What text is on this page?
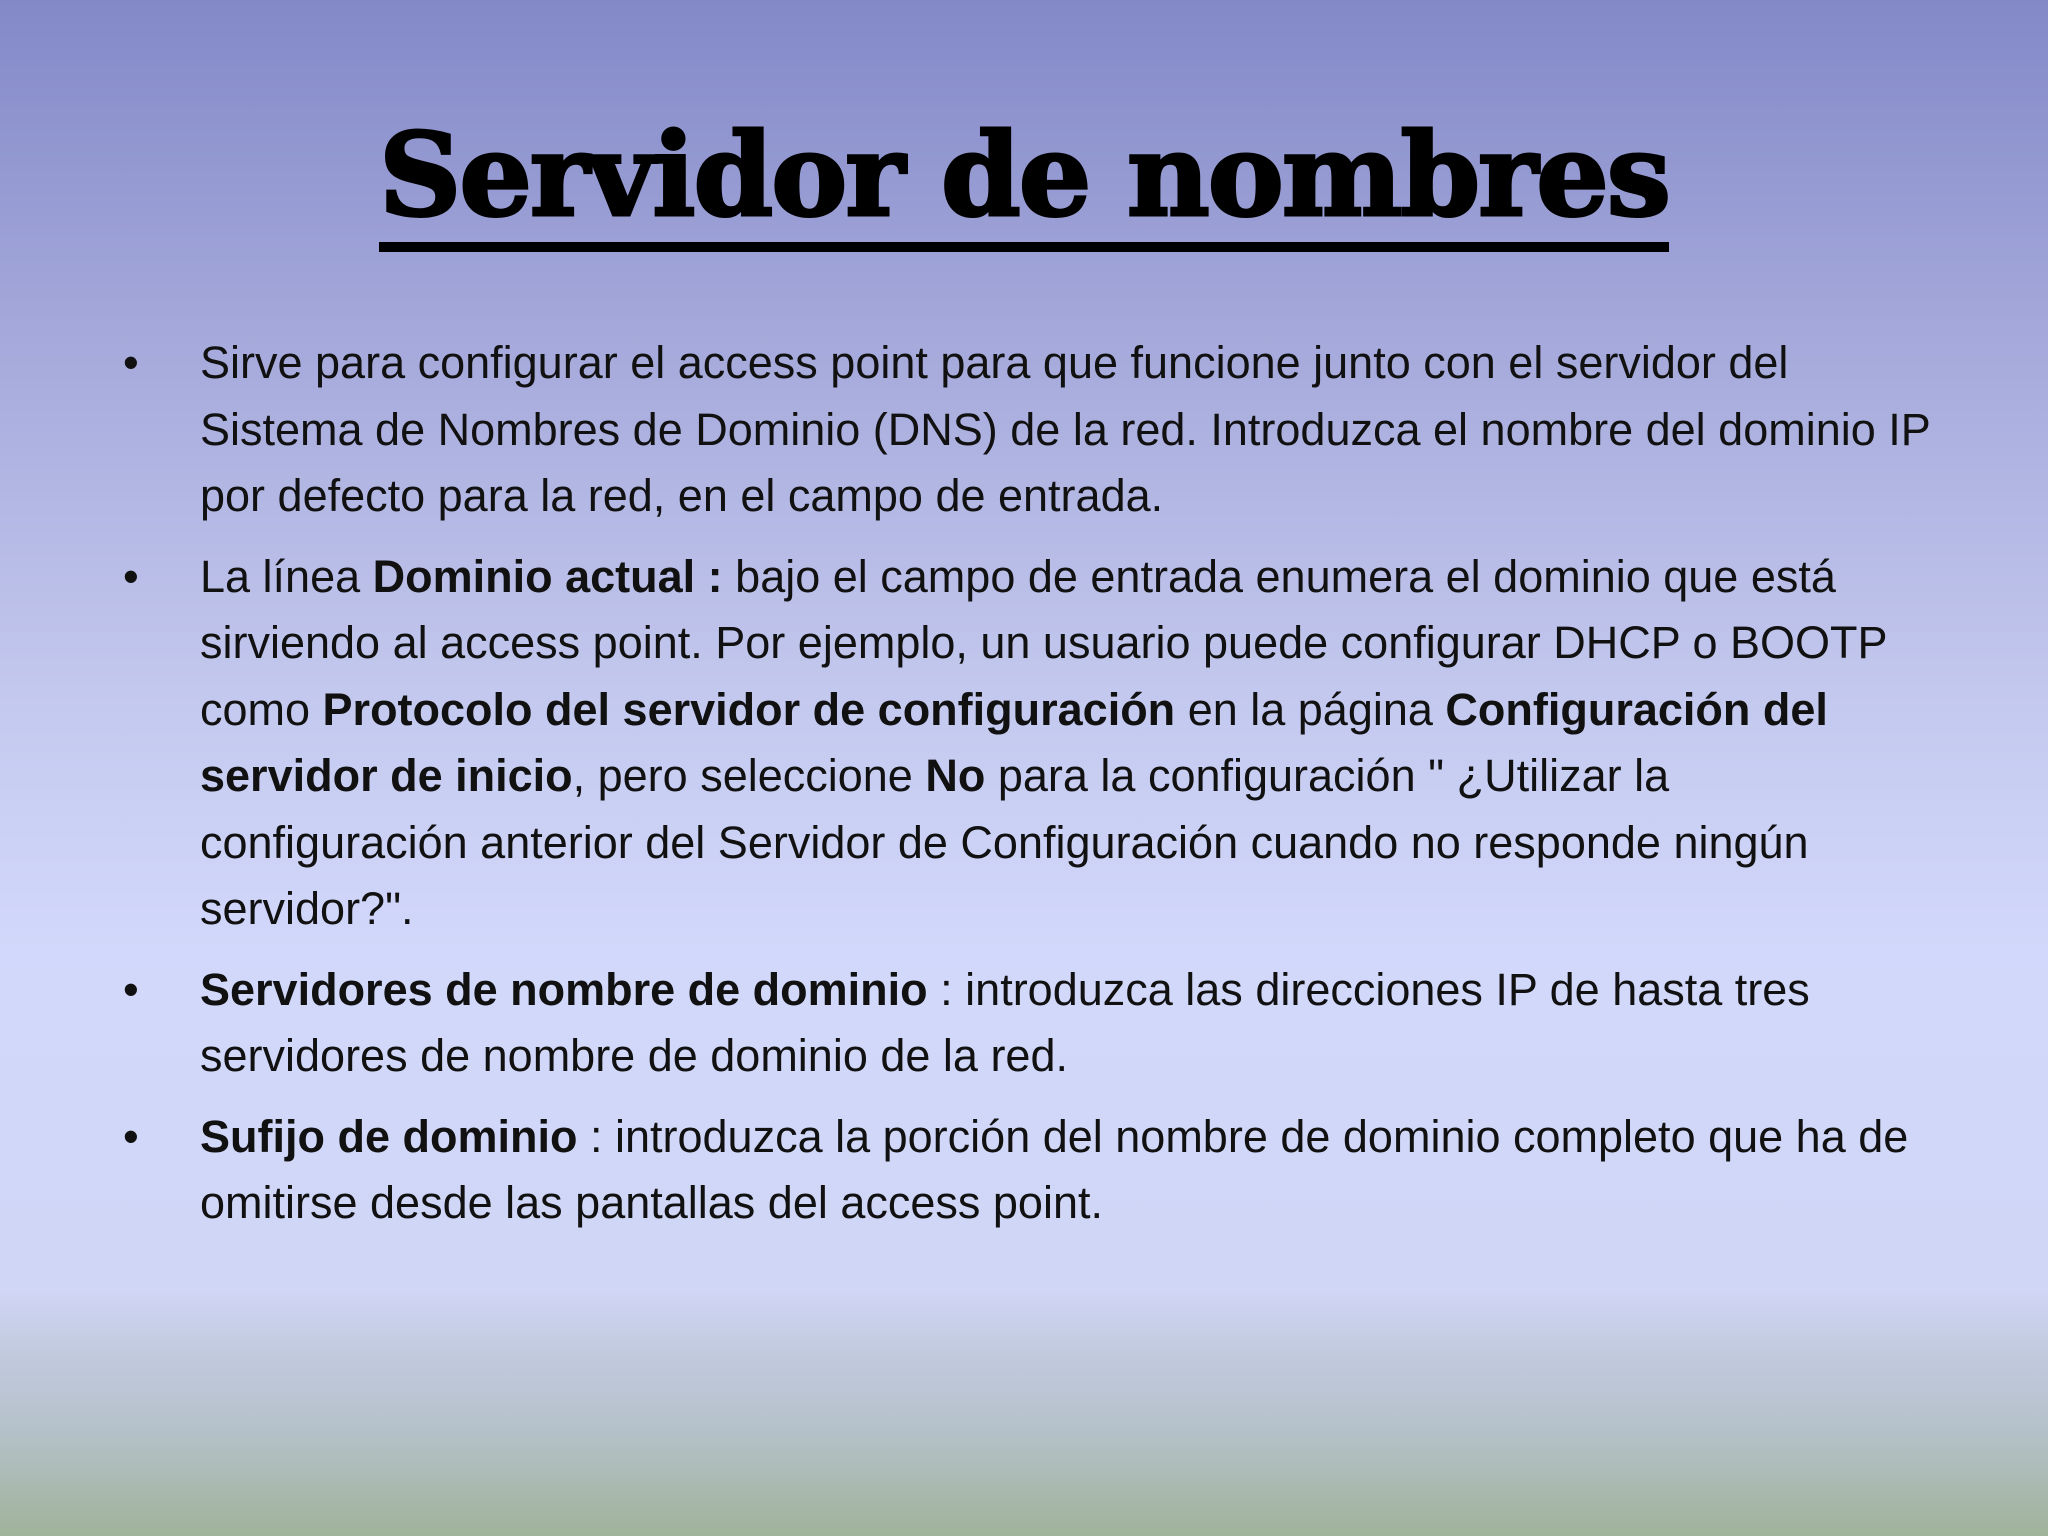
Servidor de nombres
• Sirve para configurar el access point para que funcione junto con el servidor del Sistema de Nombres de Dominio (DNS) de la red. Introduzca el nombre del dominio IP por defecto para la red, en el campo de entrada.
• La línea Dominio actual : bajo el campo de entrada enumera el dominio que está sirviendo al access point. Por ejemplo, un usuario puede configurar DHCP o BOOTP como Protocolo del servidor de configuración en la página Configuración del servidor de inicio, pero seleccione No para la configuración " ¿Utilizar la configuración anterior del Servidor de Configuración cuando no responde ningún servidor?".
• Servidores de nombre de dominio : introduzca las direcciones IP de hasta tres servidores de nombre de dominio de la red.
• Sufijo de dominio : introduzca la porción del nombre de dominio completo que ha de omitirse desde las pantallas del access point.
